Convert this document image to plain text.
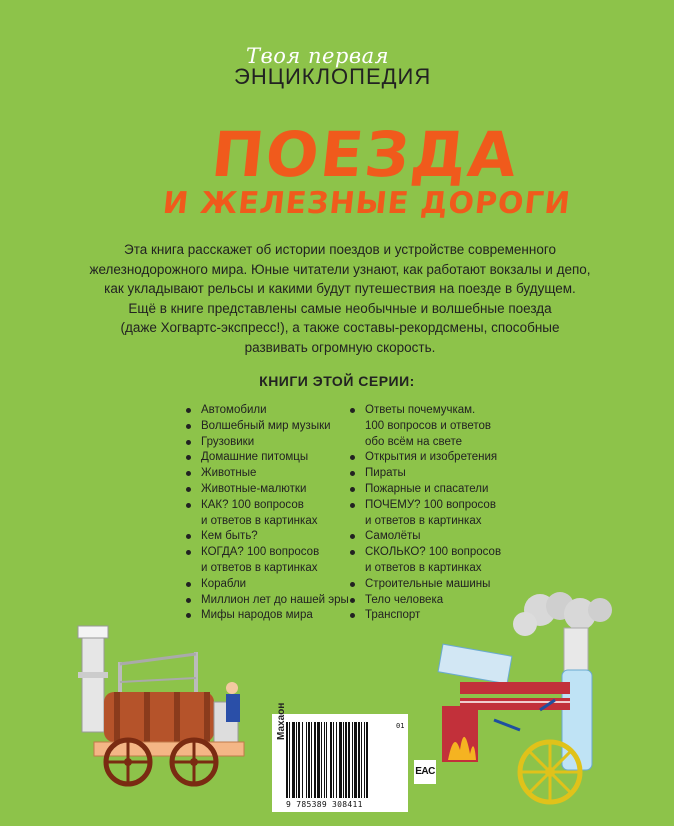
Твоя первая
ЭНЦИКЛОПЕДИЯ
ПОЕЗДА
И ЖЕЛЕЗНЫЕ ДОРОГИ

Эта книга расскажет об истории поездов и устройстве современного

железнодорожного мира. Юные читатели узнают, как работают вокзалы и депо,

как укладывают рельсы и какими будут путешествия на поезде в будущем.

Ещё в книге представлены самые необычные и волшебные поезда

(даже Хогвартс-экспресс!), а также составы-рекордсмены, способные

развивать огромную скорость.

КНИГИ ЭТОЙ СЕРИИ:
Автомобили
Волшебный мир музыки
Грузовики
Домашние питомцы
Животные
Животные-малютки
КАК? 100 вопросов
и ответов в картинках
Кем быть?
КОГДА? 100 вопросов
и ответов в картинках
Корабли
Миллион лет до нашей эры
Мифы народов мира
Ответы почемучкам.
100 вопросов и ответов
обо всём на свете
Открытия и изобретения
Пираты
Пожарные и спасатели
ПОЧЕМУ? 100 вопросов
и ответов в картинках
Самолёты
СКОЛЬКО? 100 вопросов
и ответов в картинках
Строительные машины
Тело человека
Транспорт
Махаон
9 785389 308411
01
EAC
